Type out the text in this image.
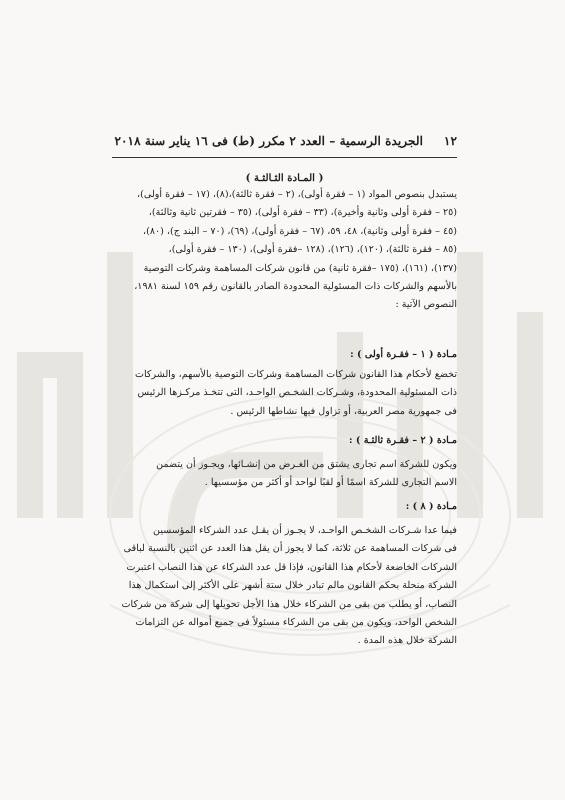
١٢
الجريدة الرسمية – العدد ٢ مكرر (ط) فى ١٦ يناير سنة ٢٠١٨
( المـادة الثـالثـة )
يستبدل بنصوص المواد (١ – فقرة أولى)، (٢ – فقرة ثالثة)،(٨)، (١٧ – فقرة أولى)،
(٢٥ – فقرة أولى وثانية وأخيرة)، (٣٣ – فقرة أولى)، (٣٥ – فقرتين ثانية وثالثة)،
(٤٥ – فقرة أولى وثانية)، ٤٨، ٥٩، (٦٧ – فقرة أولى)، (٦٩)، (٧٠ – البند ج)، (٨٠)،
(٨٥ – فقرة ثالثة)، (١٢٠)، (١٢٦)، (١٢٨ –فقرة أولى)، (١٣٠ – فقرة أولى)،
(١٣٧)، (١٦١)، (١٧٥ –فقرة ثانية) من قانون شركات المساهمة وشركات التوصية
بالأسهم والشركات ذات المسئولية المحدودة الصادر بالقانون رقم ١٥٩ لسنة ١٩٨١،
النصوص الآتية :
مـادة ( ١ – فقـرة أولى ) :
تخضع لأحكام هذا القانون شركات المساهمة وشركات التوصية بالأسهم، والشركات
ذات المسئولية المحدودة، وشـركات الشخـص الواحـد، التى تتخـذ مركـزها الرئيس
فى جمهورية مصر العربية، أو تزاول فيها نشاطها الرئيس .
مـادة ( ٢ – فقـرة ثالثـة ) :
ويكون للشركة اسم تجارى يشتق من الغـرض من إنشـائها، ويجـوز أن يتضمن
الاسم التجارى للشركة اسمًا أو لقبًا لواحد أو أكثر من مؤسسيها .
مـادة ( ٨ ) :
فيما عدا شـركات الشخـص الواحـد، لا يجـوز أن يقـل عدد الشركاء المؤسسين
فى شركات المساهمة عن ثلاثة، كما لا يجوز أن يقل هذا العدد عن اثنين بالنسبة لباقى
الشركات الخاضعة لأحكام هذا القانون، فإذا قل عدد الشركاء عن هذا النصاب اعتبرت
الشركة منحلة بحكم القانون مالم تبادر خلال ستة أشهر على الأكثر إلى استكمال هذا
النصاب، أو يطلب من بقى من الشركاء خلال هذا الأجل تحويلها إلى شركة من شركات
الشخص الواحد، ويكون من بقى من الشركاء مسئولاً فى جميع أمواله عن التزامات
الشركة خلال هذه المدة .
